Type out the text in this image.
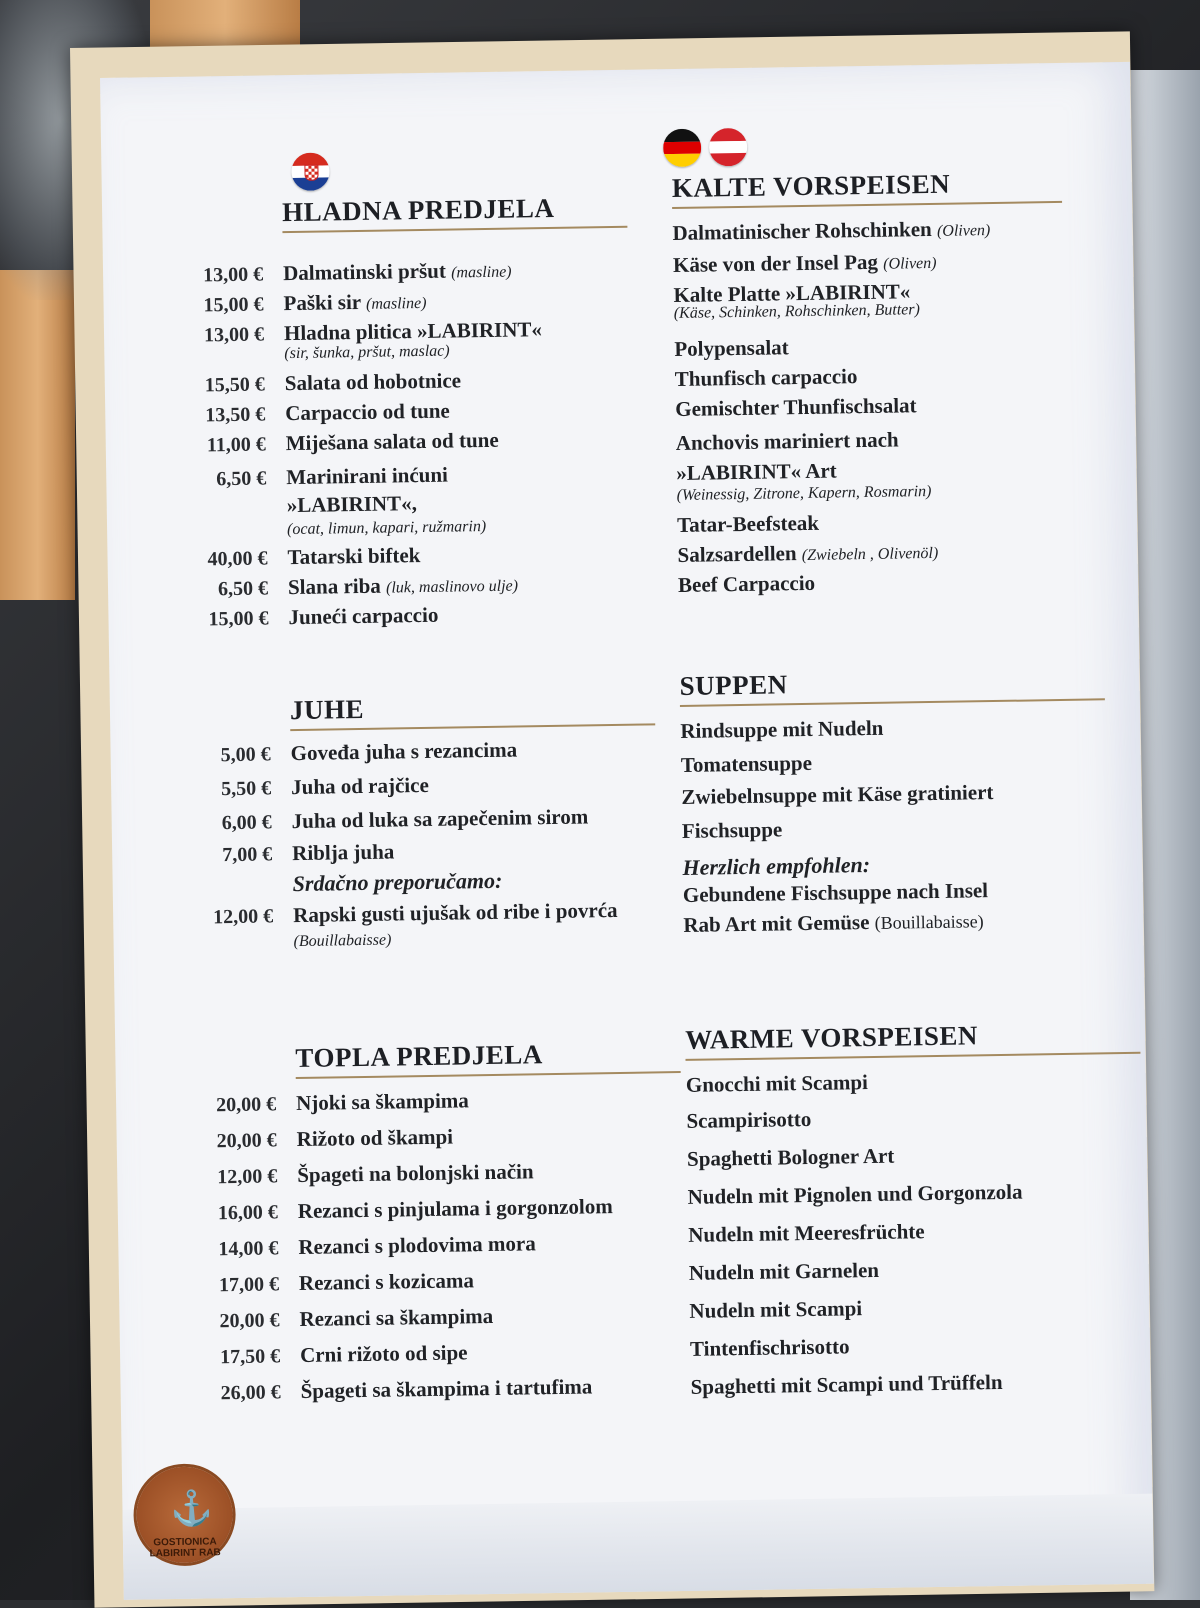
HLADNA PREDJELA
KALTE VORSPEISEN
13,00 € Dalmatinski pršut (masline)
15,00 € Paški sir (masline)
13,00 € Hladna plitica »LABIRINT«
(sir, šunka, pršut, maslac)
15,50 € Salata od hobotnice
13,50 € Carpaccio od tune
11,00 € Miješana salata od tune
6,50 € Marinirani inćuni
»LABIRINT«,
(ocat, limun, kapari, ružmarin)
40,00 € Tatarski biftek
6,50 € Slana riba (luk, maslinovo ulje)
15,00 € Juneći carpaccio
Dalmatinischer Rohschinken (Oliven)
Käse von der Insel Pag (Oliven)
Kalte Platte »LABIRINT«
(Käse, Schinken, Rohschinken, Butter)
Polypensalat
Thunfisch carpaccio
Gemischter Thunfischsalat
Anchovis mariniert nach
»LABIRINT« Art
(Weinessig, Zitrone, Kapern, Rosmarin)
Tatar-Beefsteak
Salzsardellen (Zwiebeln , Olivenöl)
Beef Carpaccio
JUHE
SUPPEN
5,00 € Goveđa juha s rezancima
5,50 € Juha od rajčice
6,00 € Juha od luka sa zapečenim sirom
7,00 € Riblja juha
Rindsuppe mit Nudeln
Tomatensuppe
Zwiebelnsuppe mit Käse gratiniert
Fischsuppe
Srdačno preporučamo:
12,00 € Rapski gusti ujušak od ribe i povrća
(Bouillabaisse)
Herzlich empfohlen:
Gebundene Fischsuppe nach Insel
Rab Art mit Gemüse (Bouillabaisse)
TOPLA PREDJELA
WARME VORSPEISEN
20,00 € Njoki sa škampima
20,00 € Rižoto od škampi
12,00 € Špageti na bolonjski način
16,00 € Rezanci s pinjulama i gorgonzolom
14,00 € Rezanci s plodovima mora
17,00 € Rezanci s kozicama
20,00 € Rezanci sa škampima
17,50 € Crni rižoto od sipe
26,00 € Špageti sa škampima i tartufima
Gnocchi mit Scampi
Scampirisotto
Spaghetti Bologner Art
Nudeln mit Pignolen und Gorgonzola
Nudeln mit Meeresfrüchte
Nudeln mit Garnelen
Nudeln mit Scampi
Tintenfischrisotto
Spaghetti mit Scampi und Trüffeln
⚓
GOSTIONICA LABIRINT RAB
